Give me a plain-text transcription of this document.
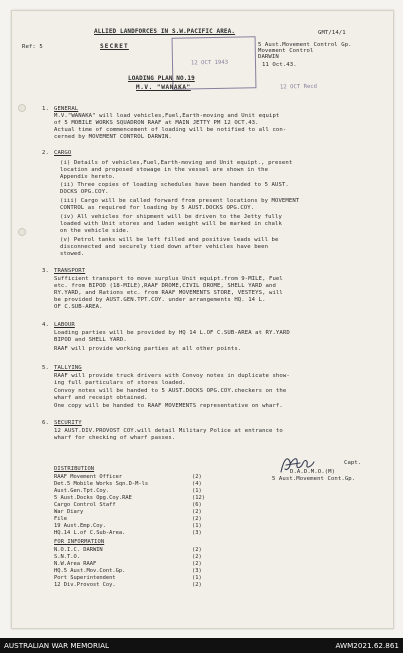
Ref: 5
ALLIED LANDFORCES IN S.W.PACIFIC AREA.
SECRET
GMT/14/1
5 Aust.Movement Control Gp.
Movement Control
DARWIN
11 Oct.43.
12 OCT 1943
12 OCT Recd
LOADING PLAN NO.19
M.V. "WANAKA"
1. GENERAL
M.V."WANAKA" will load vehicles,Fuel,Earth-moving and Unit equipt
of 5 MOBILE WORKS SQUADRON RAAF at MAIN JETTY PM 12 OCT.43.
Actual time of commencement of loading will be notified to all con-
cerned by MOVEMENT CONTROL DARWIN.
2. CARGO
(i) Details of vehicles,Fuel,Earth-moving and Unit equipt., present
location and proposed stowage in the vessel are shown in the
Appendix hereto.
(ii) Three copies of loading schedules have been handed to 5 AUST.
DOCKS OPG.COY.
(iii) Cargo will be called forward from present locations by MOVEMENT
CONTROL as required for loading by 5 AUST.DOCKS OPG.COY.
(iv) All vehicles for shipment will be driven to the Jetty fully
loaded with Unit stores and laden weight will be marked in chalk
on the vehicle side.
(v) Petrol tanks will be left filled and positive leads will be
disconnected and securely tied down after vehicles have been
stowed.
3. TRANSPORT
Sufficient transport to move surplus Unit equipt.from 9-MILE, Fuel
etc. from BIPOD (18-MILE),RAAF DROME,CIVIL DROME, SHELL YARD and
RY.YARD, and Rations etc. from RAAF MOVEMENTS STORE, VESTEYS, will
be provided by AUST.GEN.TPT.COY. under arrangements HQ. 14 L.
OF C.SUB-AREA.
4. LABOUR
Loading parties will be provided by HQ 14 L.OF C.SUB-AREA at RY.YARD
BIPOD and SHELL YARD.
RAAF will provide working parties at all other points.
5. TALLYING
RAAF will provide truck drivers with Convoy notes in duplicate show-
ing full particulars of stores loaded.
Convoy notes will be handed to 5 AUST.DOCKS OPG.COY.checkers on the
wharf and receipt obtained.
One copy will be handed to RAAF MOVEMENTS representative on wharf.
6. SECURITY
12 AUST.DIV.PROVOST COY.will detail Military Police at entrance to
wharf for checking of wharf passes.
Capt.
D.A.D.M.O.(M)
5 Aust.Movement Cont.Gp.
DISTRIBUTION
RAAF Movement Officer	(2)
Det.5 Mobile Works Sqn.D-M-ls	(4)
Aust.Gen.Tpt.Coy.	(1)
5 Aust.Docks Opg.Coy.RAE	(12)
Cargo Control Staff	(6)
War Diary	(2)
File	(2)
19 Aust.Emp.Coy.	(1)
HQ.14 L.of C.Sub-Area.	(3)
FOR INFORMATION
N.O.I.C. DARWIN	(2)
S.N.T.O.	(2)
N.W.Area RAAF	(2)
HQ.5 Aust.Mov.Cont.Gp.	(3)
Port Superintendent	(1)
12 Div.Provost Coy.	(2)
AUSTRALIAN WAR MEMORIAL	AWM2021.62.861
